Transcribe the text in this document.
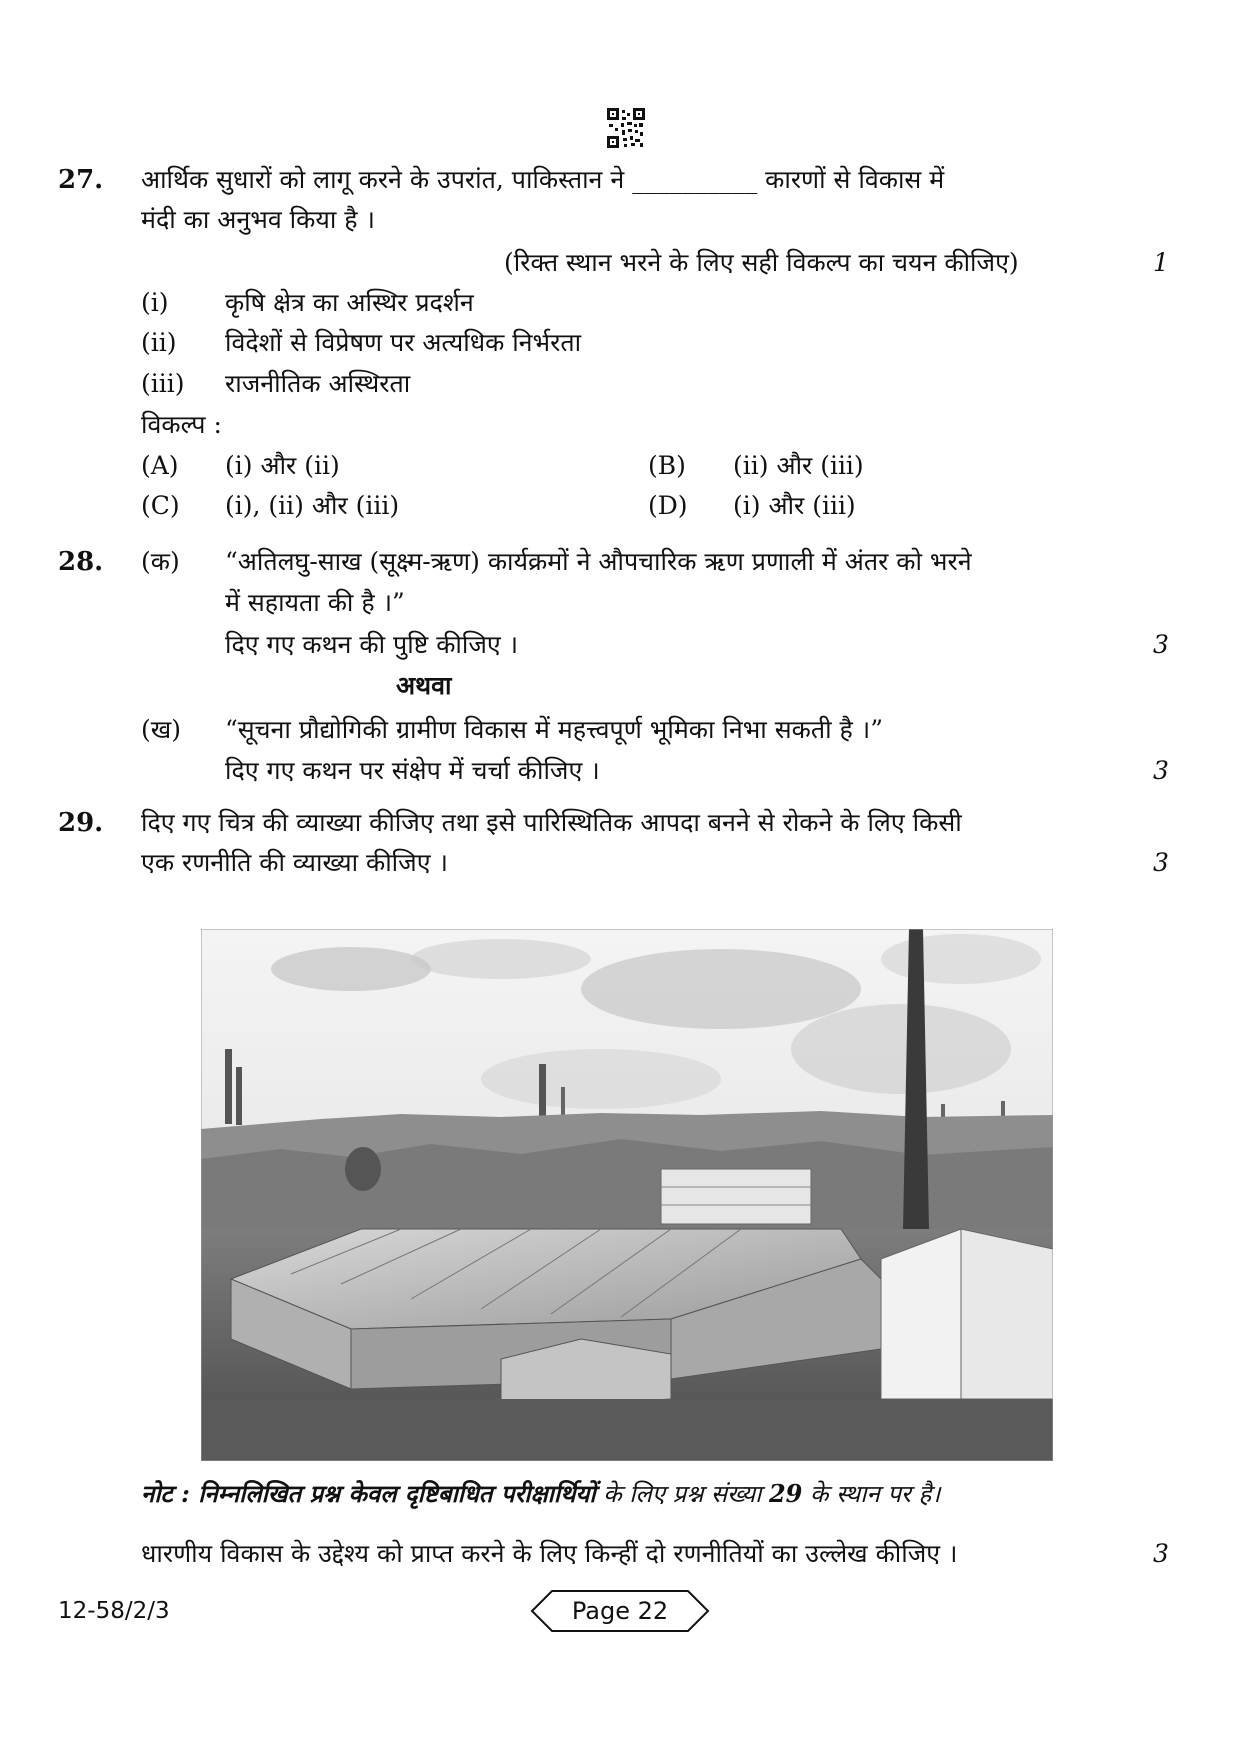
27. आर्थिक सुधारों को लागू करने के उपरांत, पाकिस्तान ने __________ कारणों से विकास में
मंदी का अनुभव किया है ।
(रिक्त स्थान भरने के लिए सही विकल्प का चयन कीजिए)	1
(i) कृषि क्षेत्र का अस्थिर प्रदर्शन
(ii) विदेशों से विप्रेषण पर अत्यधिक निर्भरता
(iii) राजनीतिक अस्थिरता
विकल्प :
(A) (i) और (ii)	(B) (ii) और (iii)
(C) (i), (ii) और (iii)	(D) (i) और (iii)
28. (क) “अतिलघु-साख (सूक्ष्म-ऋण) कार्यक्रमों ने औपचारिक ऋण प्रणाली में अंतर को भरने
में सहायता की है ।”
दिए गए कथन की पुष्टि कीजिए ।	3
अथवा
(ख) “सूचना प्रौद्योगिकी ग्रामीण विकास में महत्त्वपूर्ण भूमिका निभा सकती है ।”
दिए गए कथन पर संक्षेप में चर्चा कीजिए ।	3
29. दिए गए चित्र की व्याख्या कीजिए तथा इसे पारिस्थितिक आपदा बनने से रोकने के लिए किसी
एक रणनीति की व्याख्या कीजिए ।	3
नोट : निम्नलिखित प्रश्न केवल दृष्टिबाधित परीक्षार्थियों के लिए प्रश्न संख्या 29 के स्थान पर है।
धारणीय विकास के उद्देश्य को प्राप्त करने के लिए किन्हीं दो रणनीतियों का उल्लेख कीजिए ।	3
12-58/2/3	Page 22
